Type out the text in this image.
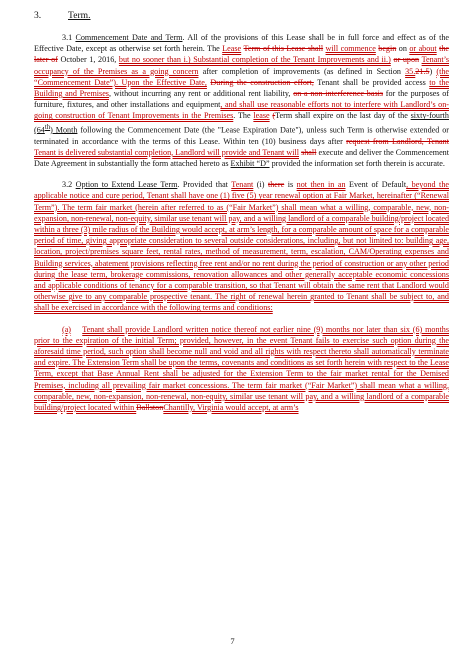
3.	Term.

3.1 Commencement Date and Term. All of the provisions of this Lease shall be in full force and effect as of the Effective Date, except as otherwise set forth herein. The Lease Term of this Lease shall will commence begin on or about the later of October 1, 2016, but no sooner than i.) Substantial completion of the Tenant Improvements and ii.) or upon Tenant’s occupancy of the Premises as a going concern after completion of improvements (as defined in Section 35.21.5) (the “Commencement Date”). Upon the Effective Date, During the construction effort, Tenant shall be provided access to the Building and Premises, without incurring any rent or additional rent liability, on a non-interference basis for the purposes of furniture, fixtures, and other installations and equipment, and shall use reasonable efforts not to interfere with Landlord’s on-going construction of Tenant Improvements in the Premises. The lease (Term shall expire on the last day of the sixty-fourth (64th) Month following the Commencement Date (the "Lease Expiration Date"), unless such Term is otherwise extended or terminated in accordance with the terms of this Lease. Within ten (10) business days after request from Landlord, Tenant Tenant is delivered substantial completion, Landlord will provide and Tenant will shall execute and deliver the Commencement Date Agreement in substantially the form attached hereto as Exhibit “D” provided the information set forth therein is accurate.

3.2 Option to Extend Lease Term. Provided that Tenant (i) there is not then in an Event of Default, beyond the applicable notice and cure period, Tenant shall have one (1) five (5) year renewal option at Fair Market, hereinafter (“Renewal Term”). The term fair market (herein after referred to as (“Fair Market”) shall mean what a willing, comparable, new, non-expansion, non-renewal, non-equity, similar use tenant will pay, and a willing landlord of a comparable building/project located within a three (3) mile radius of the Building would accept, at arm’s length, for a comparable amount of space for a comparable period of time, giving appropriate consideration to several outside considerations, including, but not limited to: building age, location, project/premises square feet, rental rates, method of measurement, term, escalation, CAM/Operating expenses and Building services, abatement provisions reflecting free rent and/or no rent during the period of construction or any other period during the lease term, brokerage commissions, renovation allowances and other generally acceptable economic concessions and applicable conditions of tenancy for a comparable transition, so that Tenant will obtain the same rent that Landlord would otherwise give to any comparable prospective tenant. The right of renewal herein granted to Tenant shall be subject to, and shall be exercised in accordance with the following terms and conditions:

(a) Tenant shall provide Landlord written notice thereof not earlier nine (9) months nor later than six (6) months prior to the expiration of the initial Term; provided, however, in the event Tenant fails to exercise such option during the aforesaid time period, such option shall become null and void and all rights with respect thereto shall automatically terminate and expire. The Extension Term shall be upon the terms, covenants and conditions as set forth herein with respect to the Lease Term, except that Base Annual Rent shall be adjusted for the Extension Term to the fair market rental for the Demised Premises, including all prevailing fair market concessions. The term fair market (“Fair Market”) shall mean what a willing, comparable, new, non-expansion, non-renewal, non-equity, similar use tenant will pay, and a willing landlord of a comparable building/project located within BallstonChantilly, Virginia would accept, at arm’s

7
